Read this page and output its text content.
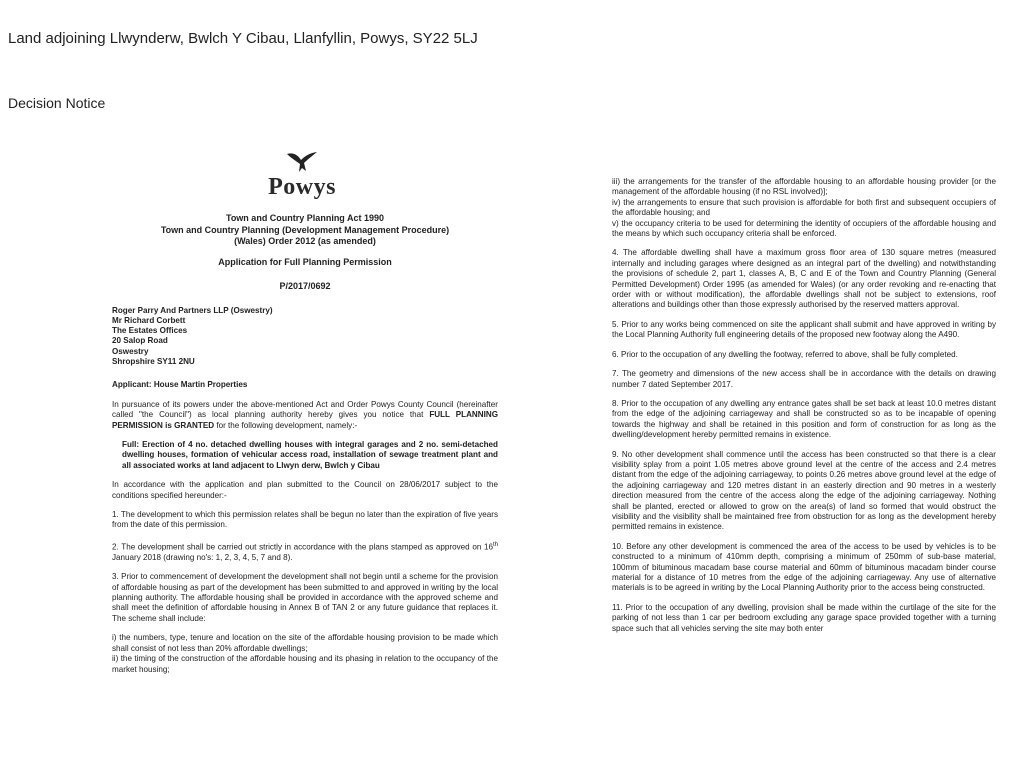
Land adjoining Llwynderw, Bwlch Y Cibau, Llanfyllin, Powys, SY22 5LJ
Decision Notice
Powys
Town and Country Planning Act 1990
Town and Country Planning (Development Management Procedure)
(Wales) Order 2012 (as amended)
Application for Full Planning Permission
P/2017/0692
Roger Parry And Partners LLP (Oswestry)
Mr Richard Corbett
The Estates Offices
20 Salop Road
Oswestry
Shropshire SY11 2NU

Applicant: House Martin Properties

In pursuance of its powers under the above-mentioned Act and Order Powys County Council (hereinafter called "the Council") as local planning authority hereby gives you notice that FULL PLANNING PERMISSION is GRANTED for the following development, namely:-

Full: Erection of 4 no. detached dwelling houses with integral garages and 2 no. semi-detached dwelling houses, formation of vehicular access road, installation of sewage treatment plant and all associated works at land adjacent to Llwyn derw, Bwlch y Cibau

In accordance with the application and plan submitted to the Council on 28/06/2017 subject to the conditions specified hereunder:-

1. The development to which this permission relates shall be begun no later than the expiration of five years from the date of this permission.

2. The development shall be carried out strictly in accordance with the plans stamped as approved on 16th January 2018 (drawing no's: 1, 2, 3, 4, 5, 7 and 8).

3. Prior to commencement of development the development shall not begin until a scheme for the provision of affordable housing as part of the development has been submitted to and approved in writing by the local planning authority. The affordable housing shall be provided in accordance with the approved scheme and shall meet the definition of affordable housing in Annex B of TAN 2 or any future guidance that replaces it. The scheme shall include:

i) the numbers, type, tenure and location on the site of the affordable housing provision to be made which shall consist of not less than 20% affordable dwellings;

ii) the timing of the construction of the affordable housing and its phasing in relation to the occupancy of the market housing;

iii) the arrangements for the transfer of the affordable housing to an affordable housing provider [or the management of the affordable housing (if no RSL involved)];

iv) the arrangements to ensure that such provision is affordable for both first and subsequent occupiers of the affordable housing; and

v) the occupancy criteria to be used for determining the identity of occupiers of the affordable housing and the means by which such occupancy criteria shall be enforced.

4. The affordable dwelling shall have a maximum gross floor area of 130 square metres (measured internally and including garages where designed as an integral part of the dwelling) and notwithstanding the provisions of schedule 2, part 1, classes A, B, C and E of the Town and Country Planning (General Permitted Development) Order 1995 (as amended for Wales) (or any order revoking and re-enacting that order with or without modification), the affordable dwellings shall not be subject to extensions, roof alterations and buildings other than those expressly authorised by the reserved matters approval.

5. Prior to any works being commenced on site the applicant shall submit and have approved in writing by the Local Planning Authority full engineering details of the proposed new footway along the A490.

6. Prior to the occupation of any dwelling the footway, referred to above, shall be fully completed.

7. The geometry and dimensions of the new access shall be in accordance with the details on drawing number 7 dated September 2017.

8. Prior to the occupation of any dwelling any entrance gates shall be set back at least 10.0 metres distant from the edge of the adjoining carriageway and shall be constructed so as to be incapable of opening towards the highway and shall be retained in this position and form of construction for as long as the dwelling/development hereby permitted remains in existence.

9. No other development shall commence until the access has been constructed so that there is a clear visibility splay from a point 1.05 metres above ground level at the centre of the access and 2.4 metres distant from the edge of the adjoining carriageway, to points 0.26 metres above ground level at the edge of the adjoining carriageway and 120 metres distant in an easterly direction and 90 metres in a westerly direction measured from the centre of the access along the edge of the adjoining carriageway. Nothing shall be planted, erected or allowed to grow on the area(s) of land so formed that would obstruct the visibility and the visibility shall be maintained free from obstruction for as long as the development hereby permitted remains in existence.

10. Before any other development is commenced the area of the access to be used by vehicles is to be constructed to a minimum of 410mm depth, comprising a minimum of 250mm of sub-base material, 100mm of bituminous macadam base course material and 60mm of bituminous macadam binder course material for a distance of 10 metres from the edge of the adjoining carriageway. Any use of alternative materials is to be agreed in writing by the Local Planning Authority prior to the access being constructed.

11. Prior to the occupation of any dwelling, provision shall be made within the curtilage of the site for the parking of not less than 1 car per bedroom excluding any garage space provided together with a turning space such that all vehicles serving the site may both enter
